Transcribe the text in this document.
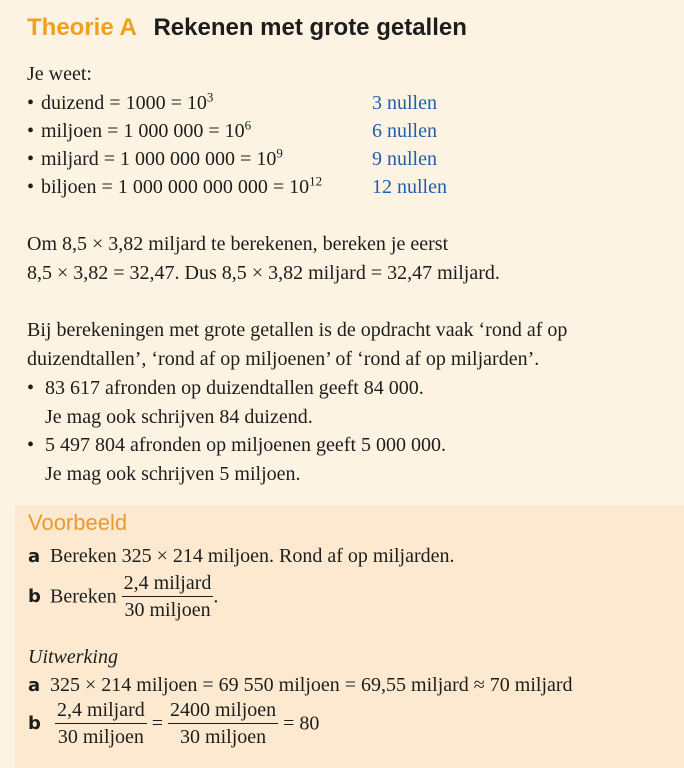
Theorie A Rekenen met grote getallen
Je weet:
• duizend = $1000 = 10^3$	3 nullen
• miljoen = 1 000 $000 = 10^6$	6 nullen
• miljard = 1 000 000 $000 = 10^9$	9 nullen
• biljoen = 1 000 000 000 $000 = 10^{12}$ 12 nullen
Om 8,5 × 3,82 miljard te berekenen, bereken je eerst
8,5 × 3,82 = 32,47. Dus 8,5 × 3,82 miljard = 32,47 miljard.
Bij berekeningen met grote getallen is de opdracht vaak ‘rond af op
duizendtallen’, ‘rond af op miljoenen’ of ‘rond af op miljarden’.
• 83 617 afronden op duizendtallen geeft 84 000.
Je mag ook schrijven 84 duizend.
• 5 497 804 afronden op miljoenen geeft 5 000 000.
Je mag ook schrijven 5 miljoen.
Voorbeeld
a Bereken 325 × 214 miljoen. Rond af op miljarden.
b Bereken $\frac{\text{2,4 miljard}}{\text{30 miljoen}}$ .
Uitwerking
a 325 × 214 miljoen = 69 550 miljoen = 69,55 miljard ≈ 70 miljard
b $\frac{\text{2,4 miljard}}{\text{30 miljoen}} = \frac{\text{2400 miljoen}}{\text{30 miljoen}} = 80$
